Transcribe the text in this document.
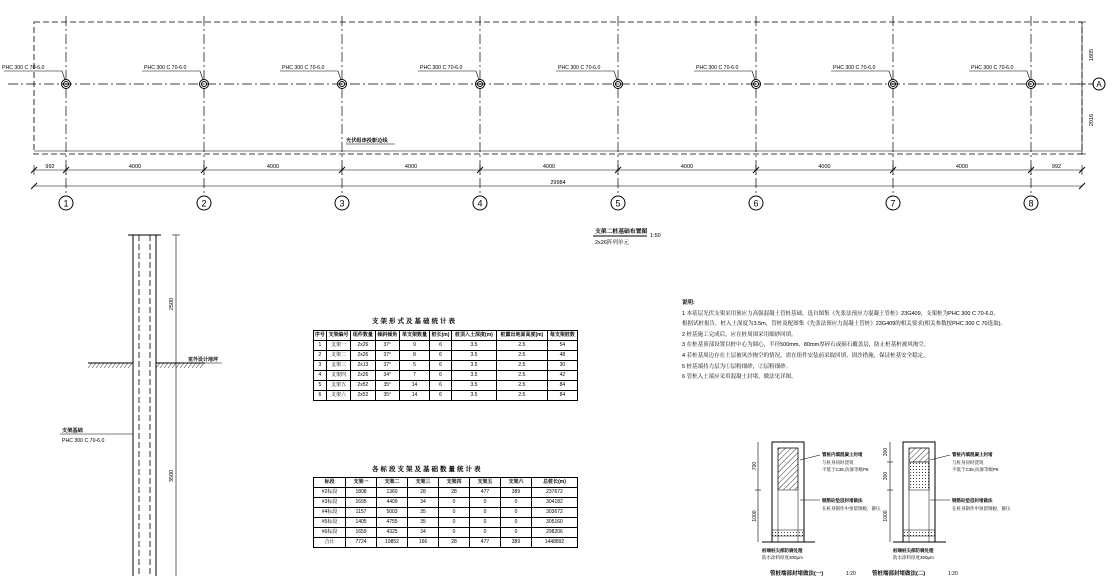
1	2	3	4	5	6	7	8
PHC 300 C 70-6.0	PHC 300 C 70-6.0	PHC 300 C 70-6.0	PHC 300 C 70-6.0	PHC 300 C 70-6.0	PHC 300 C 70-6.0	PHC 300 C 70-6.0	PHC 300 C 70-6.0
992	4000	4000	4000	4000	4000	4000	4000	992
29984
A
1805
2016
光伏组串投影边线
支架二桩基础布置图
2x26阵列单元
1:50
2500
3500
室外设计地坪
支架基础
PHC 300 C 70-6.0
700
1000
管桩内填混凝土封堵
与桩身同时浇筑
不低于C35,抗渗等级P8
钢筋砼垫层封堵做法
在桩身制作中预留钢板，静压
桩端桩尖部防腐处理
防水涂料厚度300μm
管桩端部封堵做法(一)	1:20
300
300
1000
管桩内填混凝土封堵
与桩身同时浇筑
不低于C35,抗渗等级P8
钢筋砼垫层封堵做法
在桩身制作中预留钢板，静压
桩端桩尖部防腐处理
防水涂料厚度300μm
管桩端部封堵做法(二)	1:20
支架形式及基础统计表
序号	支架编号	组件数量	倾斜倾角	单支架数量	桩长(m)	桩顶入土深度(m)	桩露出地面高度(m)	每支架桩数
1	支架一	2x26	37°	9	6	3.5	2.5	54
2	支架二	2x26	37°	8	6	3.5	2.5	48
3	支架三	2x13	37°	5	6	3.5	2.5	30
4	支架四	2x26	34°	7	6	3.5	2.5	42
5	支架五	2x52	35°	14	6	3.5	2.5	84
6	支架六	2x52	35°	14	6	3.5	2.5	84
各标段支架及基础数量统计表
标段	支架一	支架二	支架三	支架四	支架五	支架六	总桩长(m)
#2标段	1808	1360	28	28	477	389	237672
#3标段	1695	4409	34	0	0	0	304182
#4标段	1157	5003	35	0	0	0	303672
#5标段	1405	4755	35	0	0	0	305160
#6标段	1659	4325	34	0	0	0	298206
合计	7724	19852	166	28	477	389	1448892
说明:
1 本基层光伏支架采用预应力高强混凝土管桩基础，选自图集《先张法预应力混凝土管桩》23G409，支架桩为PHC 300 C 70-6.0。
根据试桩报告，桩入土深度为3.5m，管桩及配图集《先张法预应力混凝土管桩》23G409的相关要求(相关参数按PHC 300 C 70选取)。
2 桩基施工完成后，应在桩周围采用细砂回填。
3 在桩基顶部设置以桩中心为圆心，半径500mm、80mm厚碎石或砾石覆盖层，防止桩基桩被风掏空。
4 若桩基周边存在土层被风沙掏空的情况，需在组件安装前采取回填、固沙措施，保证桩基安全稳定。
5 桩基端持力层为①层粉细砂，②层粉细砂。
6 管桩入土端应采用混凝土封堵，做法见详图。
